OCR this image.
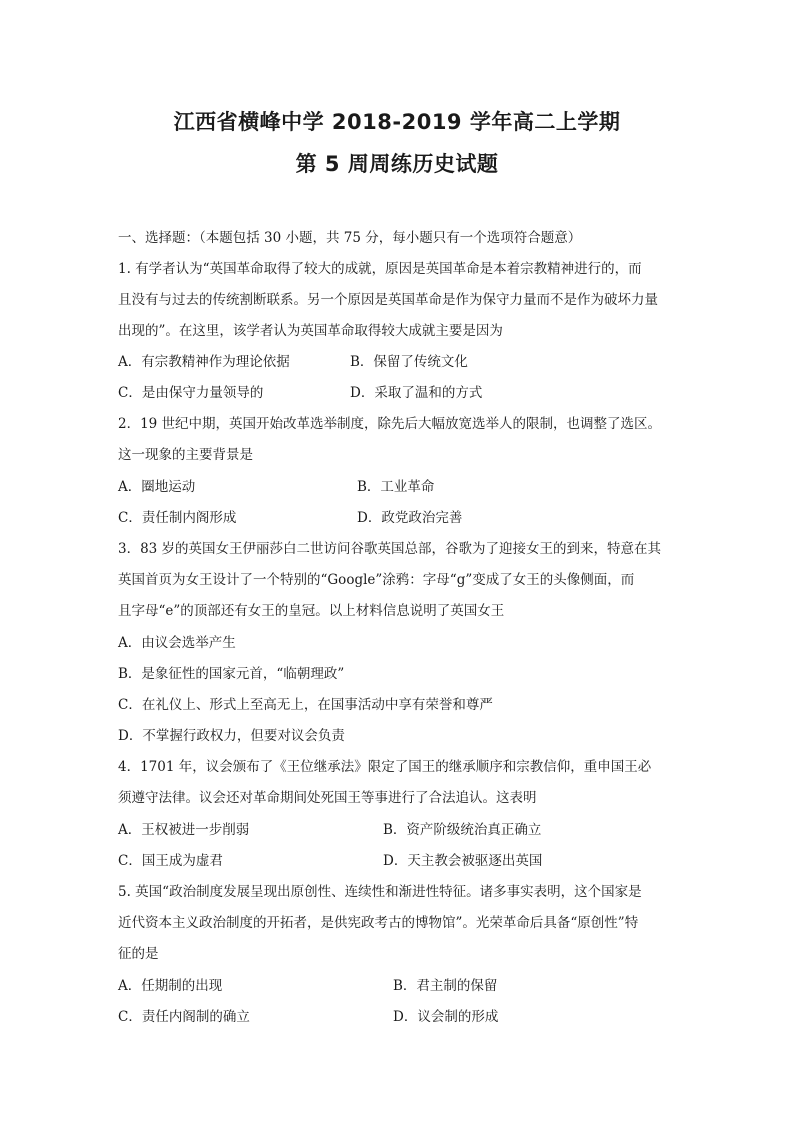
江西省横峰中学 2018-2019 学年高二上学期
第 5 周周练历史试题
一、选择题：（本题包括 30 小题，共 75 分，每小题只有一个选项符合题意）
1. 有学者认为“英国革命取得了较大的成就，原因是英国革命是本着宗教精神进行的，而
且没有与过去的传统割断联系。另一个原因是英国革命是作为保守力量而不是作为破坏力量
出现的”。在这里，该学者认为英国革命取得较大成就主要是因为
A．有宗教精神作为理论依据	B．保留了传统文化
C．是由保守力量领导的	D．采取了温和的方式
2．19 世纪中期，英国开始改革选举制度，除先后大幅放宽选举人的限制，也调整了选区。
这一现象的主要背景是
A．圈地运动	B．工业革命
C．责任制内阁形成	D．政党政治完善
3．83 岁的英国女王伊丽莎白二世访问谷歌英国总部，谷歌为了迎接女王的到来，特意在其
英国首页为女王设计了一个特别的“Google”涂鸦：字母“g”变成了女王的头像侧面，而
且字母“e”的顶部还有女王的皇冠。以上材料信息说明了英国女王
A．由议会选举产生
B．是象征性的国家元首，“临朝理政”
C．在礼仪上、形式上至高无上，在国事活动中享有荣誉和尊严
D．不掌握行政权力，但要对议会负责
4．1701 年，议会颁布了《王位继承法》限定了国王的继承顺序和宗教信仰，重申国王必
须遵守法律。议会还对革命期间处死国王等事进行了合法追认。这表明
A．王权被进一步削弱	B．资产阶级统治真正确立
C．国王成为虚君	D．天主教会被驱逐出英国
5. 英国“政治制度发展呈现出原创性、连续性和渐进性特征。诸多事实表明，这个国家是
近代资本主义政治制度的开拓者，是供宪政考古的博物馆”。光荣革命后具备“原创性”特
征的是
A．任期制的出现	B．君主制的保留
C．责任内阁制的确立	D．议会制的形成
